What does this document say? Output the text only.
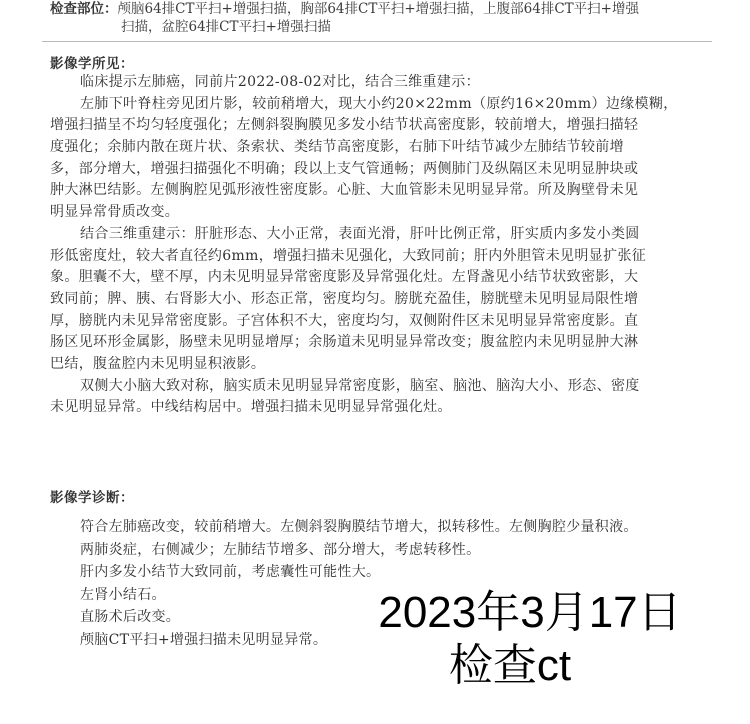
检查部位：颅脑64排CT平扫+增强扫描，胸部64排CT平扫+增强扫描，上腹部64排CT平扫+增强
扫描，盆腔64排CT平扫+增强扫描
影像学所见：
临床提示左肺癌，同前片2022-08-02对比，结合三维重建示：
左肺下叶脊柱旁见团片影，较前稍增大，现大小约20×22mm（原约16×20mm）边缘模糊，
增强扫描呈不均匀轻度强化；左侧斜裂胸膜见多发小结节状高密度影，较前增大，增强扫描轻
度强化；余肺内散在斑片状、条索状、类结节高密度影，右肺下叶结节减少左肺结节较前增
多，部分增大，增强扫描强化不明确；段以上支气管通畅；两侧肺门及纵隔区未见明显肿块或
肿大淋巴结影。左侧胸腔见弧形液性密度影。心脏、大血管影未见明显异常。所及胸壁骨未见
明显异常骨质改变。
结合三维重建示：肝脏形态、大小正常，表面光滑，肝叶比例正常，肝实质内多发小类圆
形低密度灶，较大者直径约6mm，增强扫描未见强化，大致同前；肝内外胆管未见明显扩张征
象。胆囊不大，壁不厚，内未见明显异常密度影及异常强化灶。左肾盏见小结节状致密影，大
致同前；脾、胰、右肾影大小、形态正常，密度均匀。膀胱充盈佳，膀胱壁未见明显局限性增
厚，膀胱内未见异常密度影。子宫体积不大，密度均匀，双侧附件区未见明显异常密度影。直
肠区见环形金属影，肠壁未见明显增厚；余肠道未见明显异常改变；腹盆腔内未见明显肿大淋
巴结，腹盆腔内未见明显积液影。
双侧大小脑大致对称，脑实质未见明显异常密度影，脑室、脑池、脑沟大小、形态、密度
未见明显异常。中线结构居中。增强扫描未见明显异常强化灶。
影像学诊断：
符合左肺癌改变，较前稍增大。左侧斜裂胸膜结节增大，拟转移性。左侧胸腔少量积液。
两肺炎症，右侧减少；左肺结节增多、部分增大，考虑转移性。
肝内多发小结节大致同前，考虑囊性可能性大。
左肾小结石。
直肠术后改变。
颅脑CT平扫+增强扫描未见明显异常。
2023年3月17日
检查ct
